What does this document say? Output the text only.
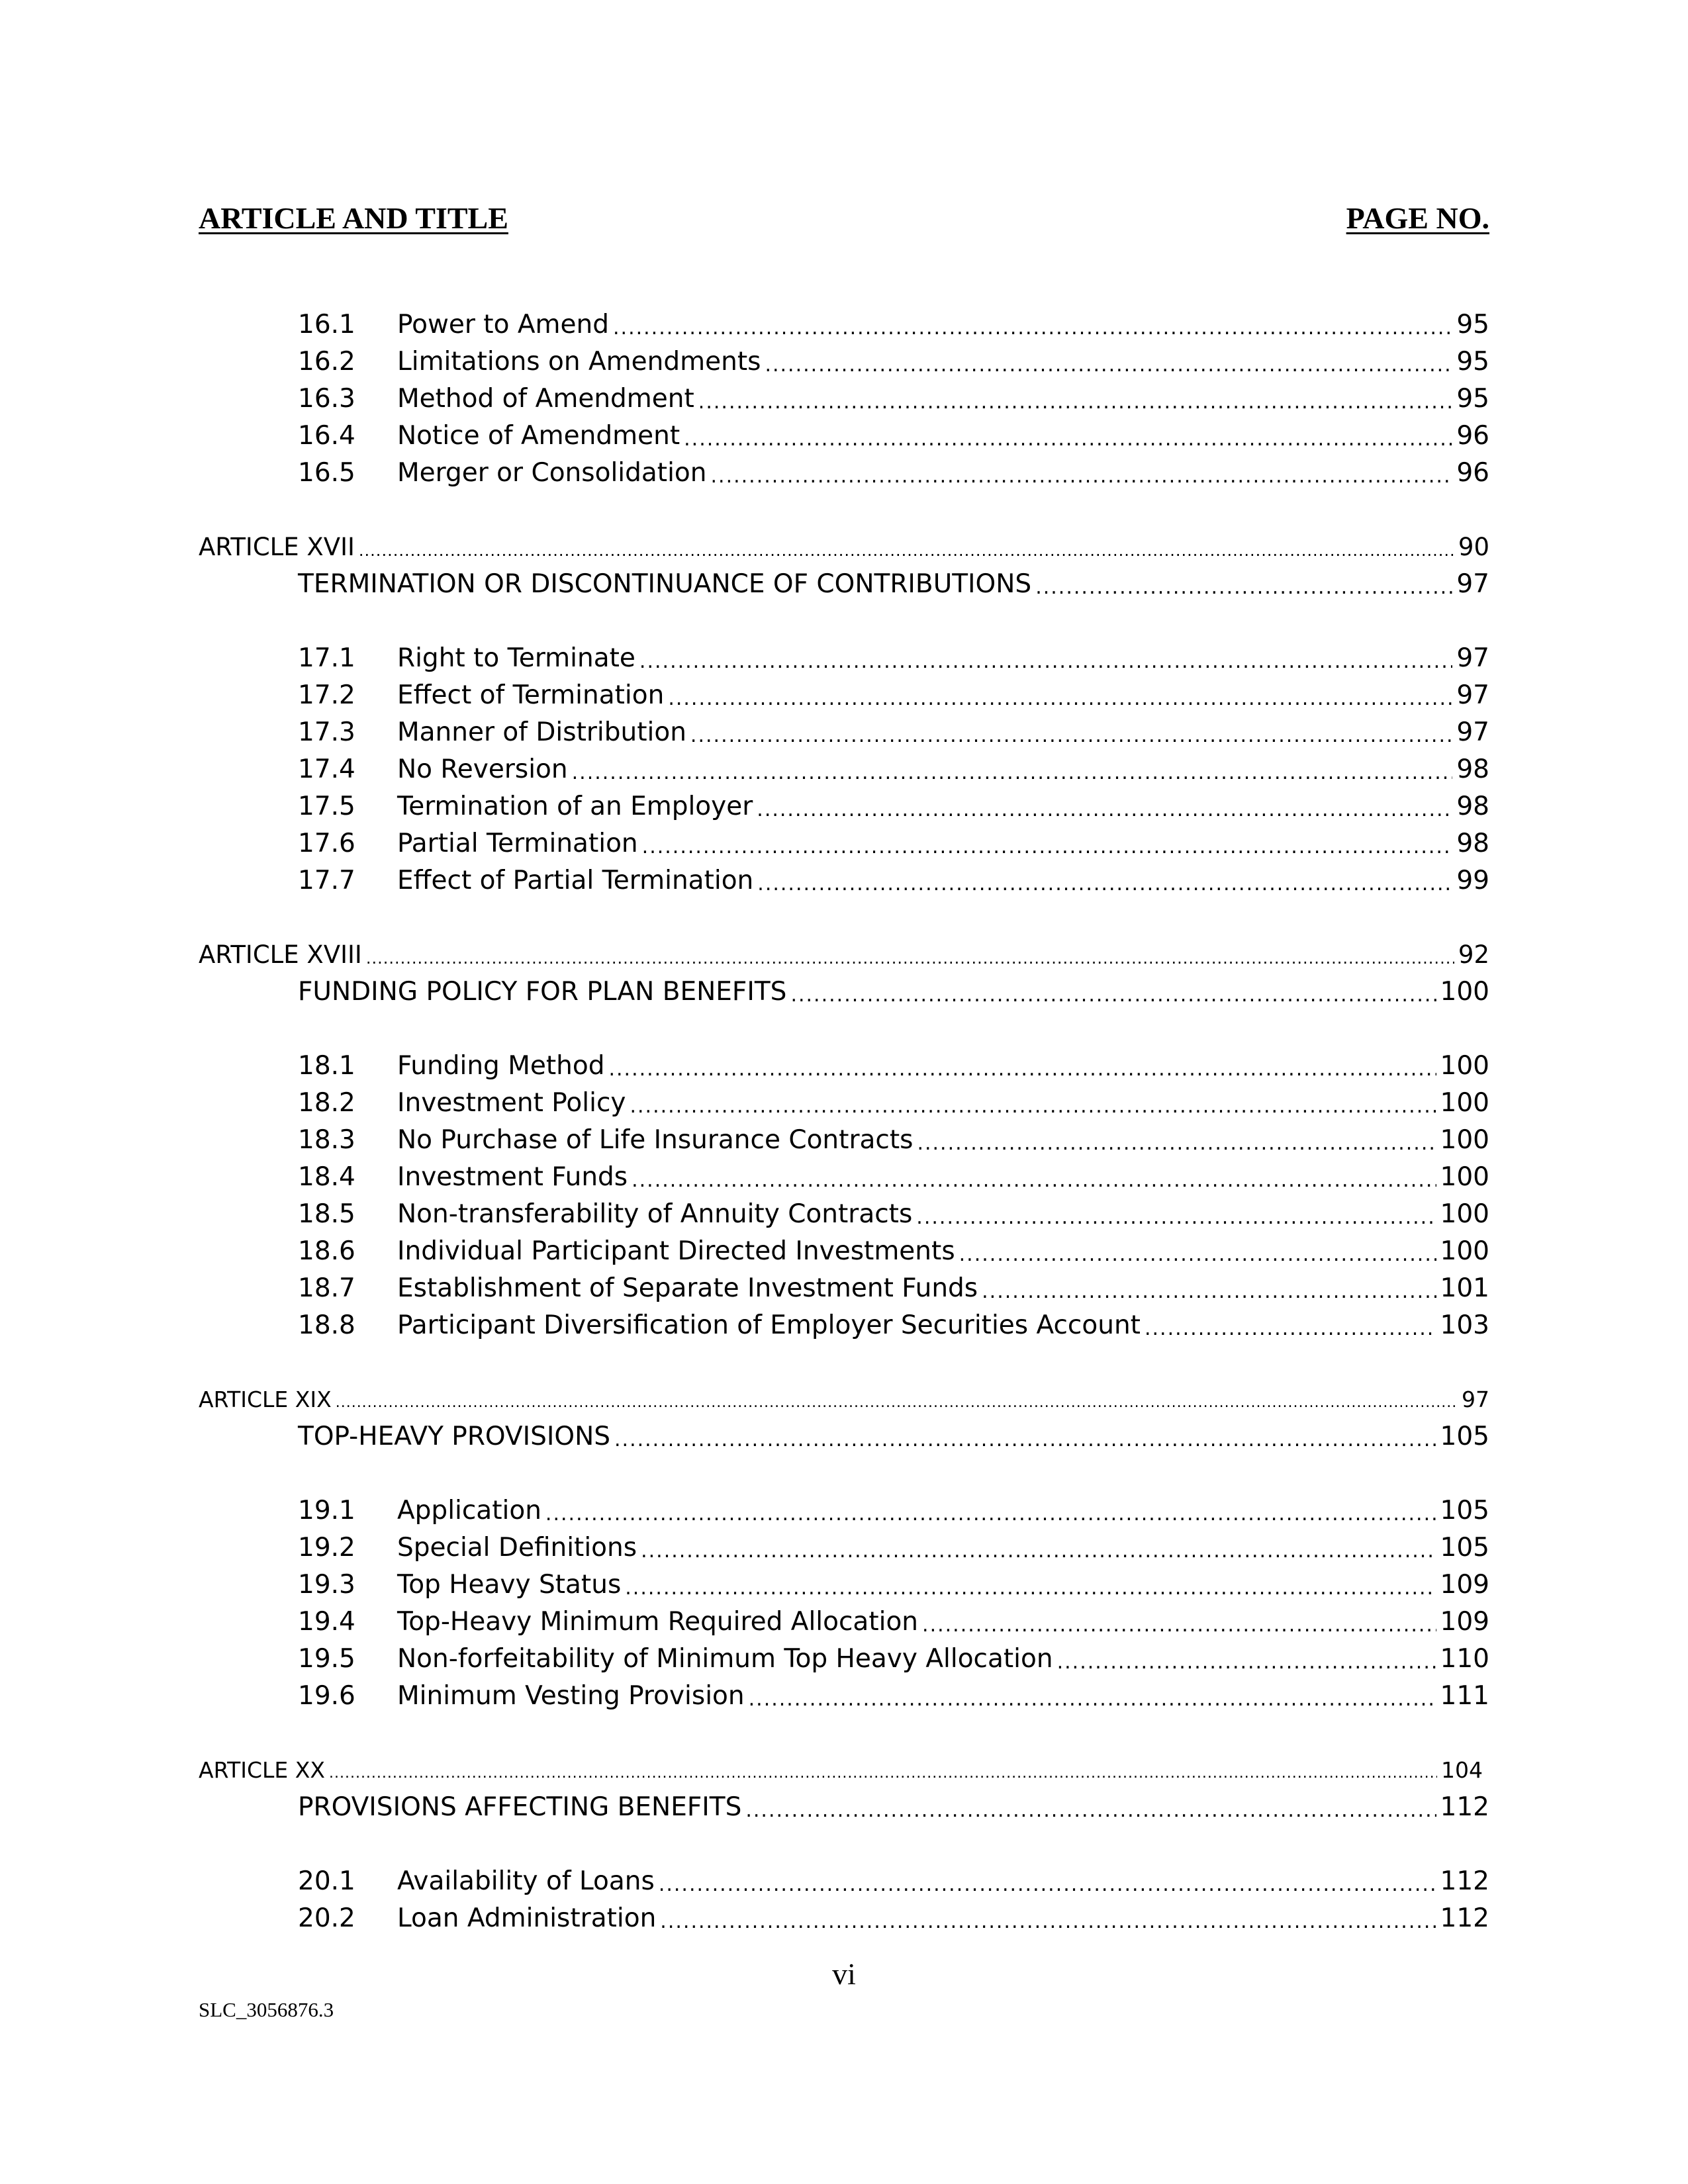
ARTICLE AND TITLE	PAGE NO.
16.1 Power to Amend .....	95
16.2 Limitations on Amendments .....	95
16.3 Method of Amendment .....	95
16.4 Notice of Amendment .....	96
16.5 Merger or Consolidation .....	96
ARTICLE XVII .....	90
TERMINATION OR DISCONTINUANCE OF CONTRIBUTIONS .....	97
17.1 Right to Terminate .....	97
17.2 Effect of Termination .....	97
17.3 Manner of Distribution .....	97
17.4 No Reversion .....	98
17.5 Termination of an Employer .....	98
17.6 Partial Termination .....	98
17.7 Effect of Partial Termination .....	99
ARTICLE XVIII .....	92
FUNDING POLICY FOR PLAN BENEFITS .....	100
18.1 Funding Method .....	100
18.2 Investment Policy .....	100
18.3 No Purchase of Life Insurance Contracts .....	100
18.4 Investment Funds .....	100
18.5 Non-transferability of Annuity Contracts .....	100
18.6 Individual Participant Directed Investments .....	100
18.7 Establishment of Separate Investment Funds .....	101
18.8 Participant Diversification of Employer Securities Account .....	103
ARTICLE XIX .....	97
TOP-HEAVY PROVISIONS .....	105
19.1 Application .....	105
19.2 Special Definitions .....	105
19.3 Top Heavy Status .....	109
19.4 Top-Heavy Minimum Required Allocation .....	109
19.5 Non-forfeitability of Minimum Top Heavy Allocation .....	110
19.6 Minimum Vesting Provision .....	111
ARTICLE XX .....	104
PROVISIONS AFFECTING BENEFITS .....	112
20.1 Availability of Loans .....	112
20.2 Loan Administration .....	112
vi
SLC_3056876.3
